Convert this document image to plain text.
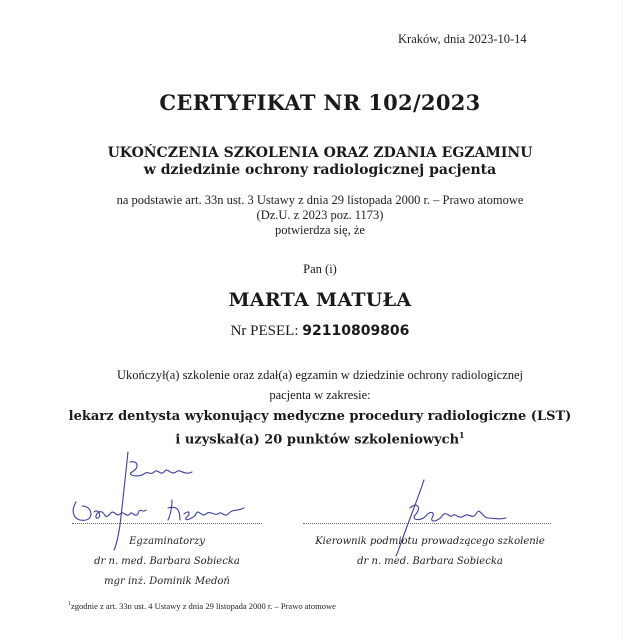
Kraków, dnia 2023-10-14
CERTYFIKAT NR 102/2023
UKOŃCZENIA SZKOLENIA ORAZ ZDANIA EGZAMINU
w dziedzinie ochrony radiologicznej pacjenta
na podstawie art. 33n ust. 3 Ustawy z dnia 29 listopada 2000 r. – Prawo atomowe
(Dz.U. z 2023 poz. 1173)
potwierdza się, że
Pan (i)
MARTA MATUŁA
Nr PESEL: 92110809806
Ukończył(a) szkolenie oraz zdał(a) egzamin w dziedzinie ochrony radiologicznej
pacjenta w zakresie:
lekarz dentysta wykonujący medyczne procedury radiologiczne (LST)
i uzyskał(a) 20 punktów szkoleniowych$^1$
Egzaminatorzy
dr n. med. Barbara Sobiecka
mgr inż. Dominik Medoń
Kierownik podmiotu prowadzącego szkolenie
dr n. med. Barbara Sobiecka
$^1$zgodnie z art. 33n ust. 4 Ustawy z dnia 29 listopada 2000 r. – Prawo atomowe
